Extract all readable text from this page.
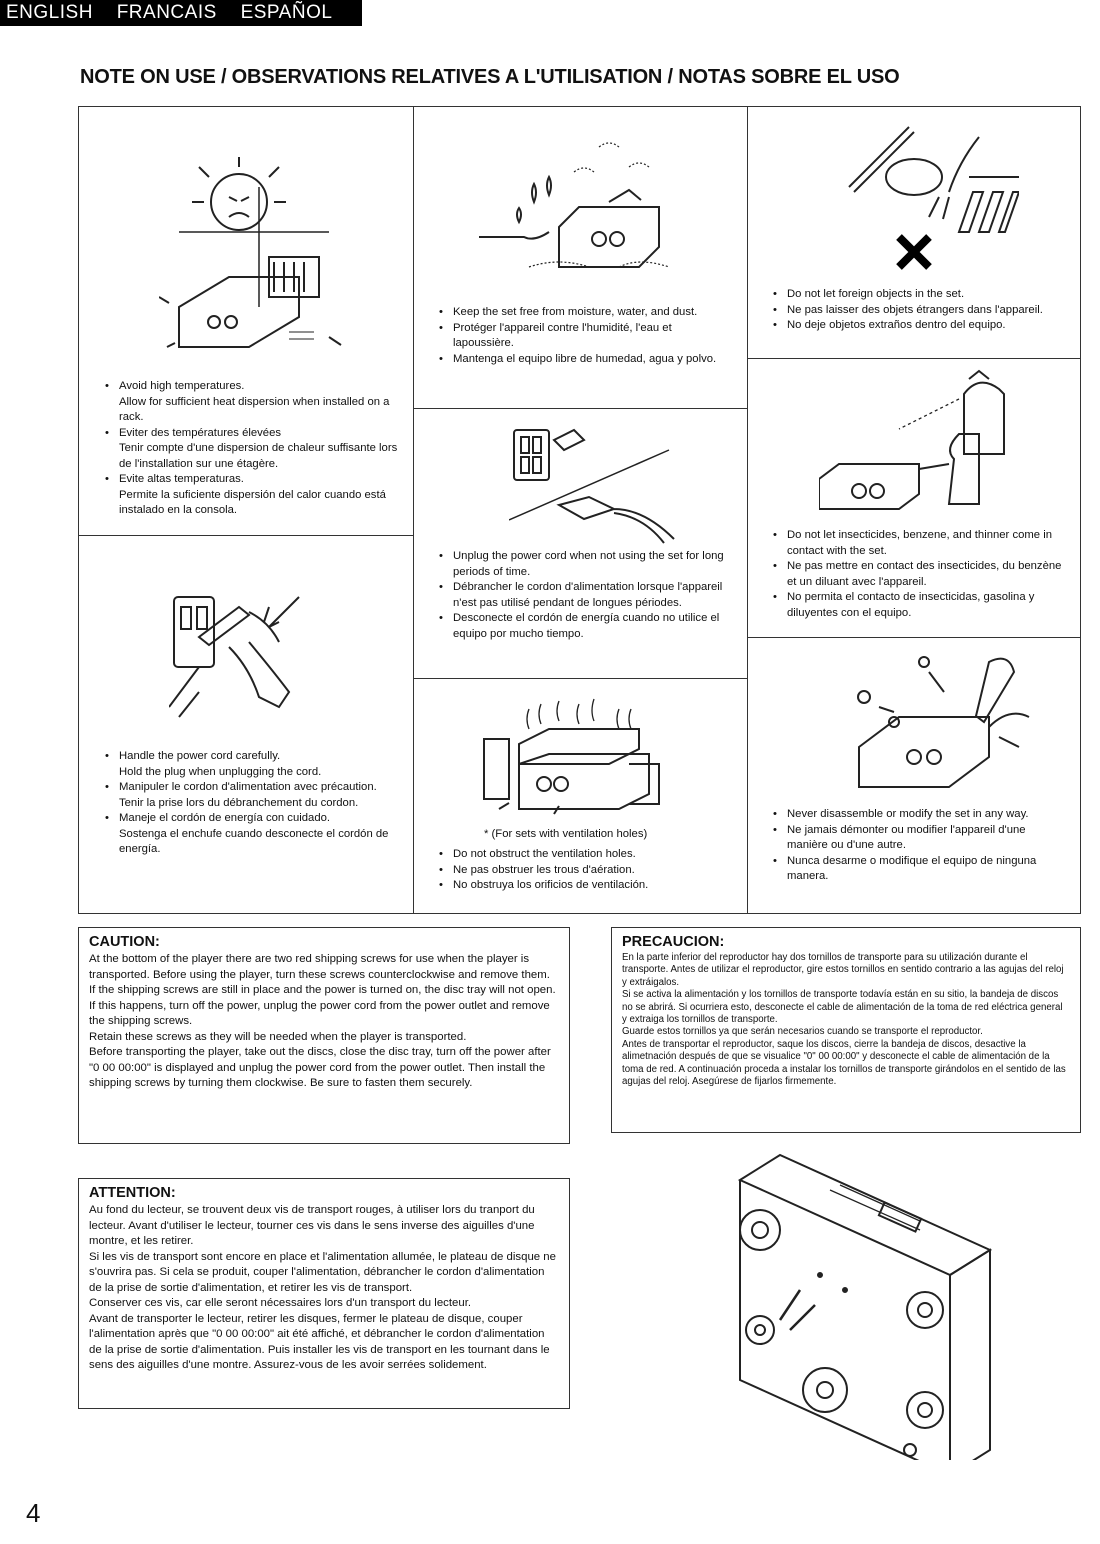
ENGLISH FRANCAIS ESPAÑOL
NOTE ON USE / OBSERVATIONS RELATIVES A L'UTILISATION / NOTAS SOBRE EL USO
• Avoid high temperatures.
Allow for sufficient heat dispersion when installed on a rack.
• Eviter des températures élevées
Tenir compte d'une dispersion de chaleur suffisante lors de l'installation sur une étagère.
• Evite altas temperaturas.
Permite la suficiente dispersión del calor cuando está instalado en la consola.
• Handle the power cord carefully.
Hold the plug when unplugging the cord.
• Manipuler le cordon d'alimentation avec précaution.
Tenir la prise lors du débranchement du cordon.
• Maneje el cordón de energía con cuidado.
Sostenga el enchufe cuando desconecte el cordón de energía.
• Keep the set free from moisture, water, and dust.
• Protéger l'appareil contre l'humidité, l'eau et lapoussière.
• Mantenga el equipo libre de humedad, agua y polvo.
• Unplug the power cord when not using the set for long periods of time.
• Débrancher le cordon d'alimentation lorsque l'appareil n'est pas utilisé pendant de longues périodes.
• Desconecte el cordón de energía cuando no utilice el equipo por mucho tiempo.
* (For sets with ventilation holes)
• Do not obstruct the ventilation holes.
• Ne pas obstruer les trous d'aération.
• No obstruya los orificios de ventilación.
• Do not let foreign objects in the set.
• Ne pas laisser des objets étrangers dans l'appareil.
• No deje objetos extraños dentro del equipo.
• Do not let insecticides, benzene, and thinner come in contact with the set.
• Ne pas mettre en contact des insecticides, du benzène et un diluant avec l'appareil.
• No permita el contacto de insecticidas, gasolina y diluyentes con el equipo.
• Never disassemble or modify the set in any way.
• Ne jamais démonter ou modifier l'appareil d'une manière ou d'une autre.
• Nunca desarme o modifique el equipo de ninguna manera.
CAUTION:

At the bottom of the player there are two red shipping screws for use when the player is transported. Before using the player, turn these screws counterclockwise and remove them.

If the shipping screws are still in place and the power is turned on, the disc tray will not open. If this happens, turn off the power, unplug the power cord from the power outlet and remove the shipping screws.

Retain these screws as they will be needed when the player is transported.

Before transporting the player, take out the discs, close the disc tray, turn off the power after "0 00 00:00" is displayed and unplug the power cord from the power outlet. Then install the shipping screws by turning them clockwise. Be sure to fasten them securely.

PRECAUCION:

En la parte inferior del reproductor hay dos tornillos de transporte para su utilización durante el transporte. Antes de utilizar el reproductor, gire estos tornillos en sentido contrario a las agujas del reloj y extráigalos.

Si se activa la alimentación y los tornillos de transporte todavía están en su sitio, la bandeja de discos no se abrirá. Si ocurriera esto, desconecte el cable de alimentación de la toma de red eléctrica general y extraiga los tornillos de transporte.

Guarde estos tornillos ya que serán necesarios cuando se transporte el reproductor.

Antes de transportar el reproductor, saque los discos, cierre la bandeja de discos, desactive la alimetnación después de que se visualice "0" 00 00:00" y desconecte el cable de alimentación de la toma de red. A continuación proceda a instalar los tornillos de transporte girándolos en el sentido de las agujas del reloj. Asegúrese de fijarlos firmemente.

ATTENTION:

Au fond du lecteur, se trouvent deux vis de transport rouges, à utiliser lors du tranport du lecteur. Avant d'utiliser le lecteur, tourner ces vis dans le sens inverse des aiguilles d'une montre, et les retirer.

Si les vis de transport sont encore en place et l'alimentation allumée, le plateau de disque ne s'ouvrira pas. Si cela se produit, couper l'alimentation, débrancher le cordon d'alimentation de la prise de sortie d'alimentation, et retirer les vis de transport.

Conserver ces vis, car elle seront nécessaires lors d'un transport du lecteur.

Avant de transporter le lecteur, retirer les disques, fermer le plateau de disque, couper l'alimentation après que "0 00 00:00" ait été affiché, et débrancher le cordon d'alimentation de la prise de sortie d'alimentation. Puis installer les vis de transport en les tournant dans le sens des aiguilles d'une montre. Assurez-vous de les avoir serrées solidement.

4
